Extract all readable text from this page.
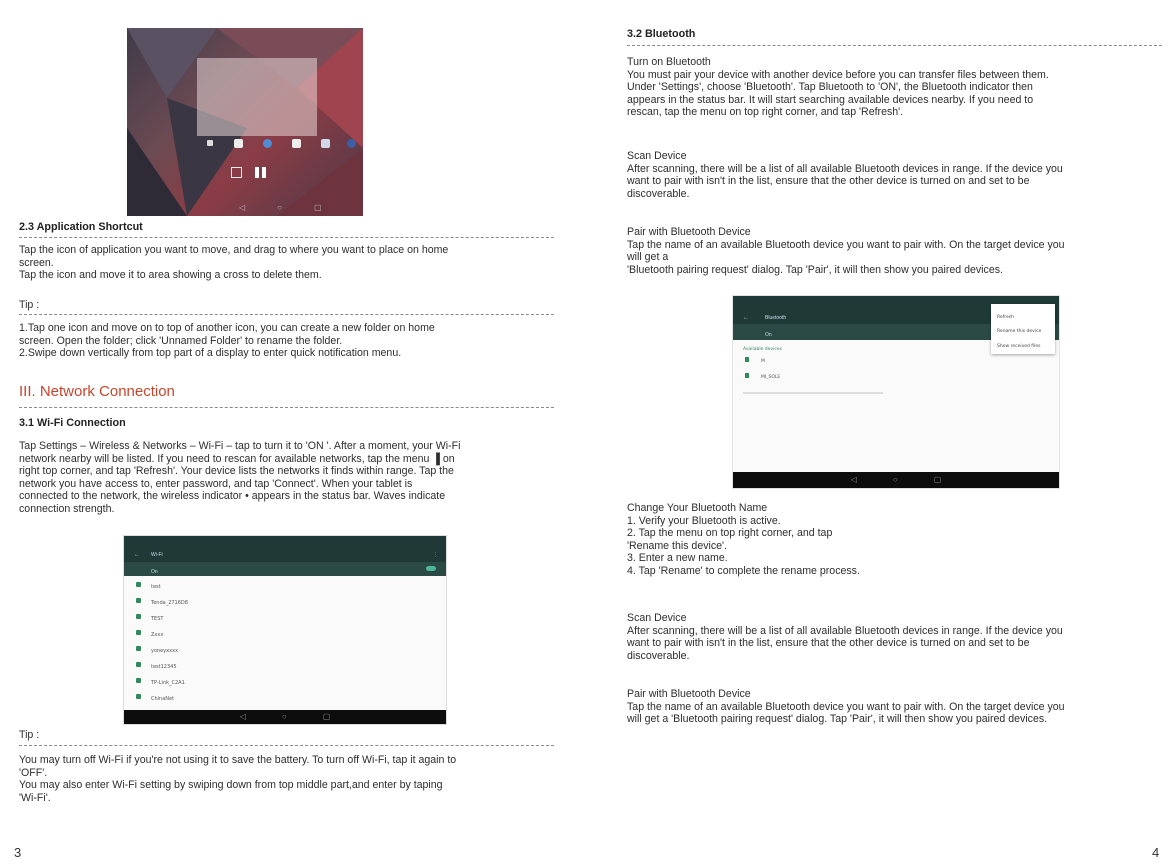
◁○▢
2.3 Application Shortcut
Tap the icon of application you want to move, and drag to where you want to place on home
screen.
Tap the icon and move it to area showing a cross to delete them.
Tip :
1.Tap one icon and move on to top of another icon, you can create a new folder on home
screen. Open the folder; click 'Unnamed Folder' to rename the folder.
2.Swipe down vertically from top part of a display to enter quick notification menu.
III. Network Connection
3.1 Wi-Fi Connection
Tap Settings – Wireless & Networks – Wi-Fi – tap to turn it to 'ON '. After a moment, your Wi-Fi
network nearby will be listed. If you need to rescan for available networks, tap the menu ▐ on
right top corner, and tap 'Refresh'. Your device lists the networks it finds within range. Tap the
network you have access to, enter password, and tap 'Connect'. When your tablet is
connected to the network, the wireless indicator • appears in the status bar. Waves indicate
connection strength.
← Wi-Fi	⋮
On
test
Tenda_2716D8
TEST
Zxxx
yoneyxxxx
test12345
TP-Link_C2A1
ChinaNet
◁	○	▢
Tip :
You may turn off Wi-Fi if you're not using it to save the battery. To turn off Wi-Fi, tap it again to
'OFF'.
You may also enter Wi-Fi setting by swiping down from top middle part,and enter by taping
'Wi-Fi'.
3
3.2 Bluetooth
Turn on Bluetooth
You must pair your device with another device before you can transfer files between them.
Under 'Settings', choose 'Bluetooth'. Tap Bluetooth to 'ON', the Bluetooth indicator then
appears in the status bar. It will start searching available devices nearby. If you need to
rescan, tap the menu on top right corner, and tap 'Refresh'.
Scan Device
After scanning, there will be a list of all available Bluetooth devices in range. If the device you
want to pair with isn't in the list, ensure that the other device is turned on and set to be
discoverable.
Pair with Bluetooth Device
Tap the name of an available Bluetooth device you want to pair with. On the target device you
will get a
'Bluetooth pairing request' dialog. Tap 'Pair', it will then show you paired devices.
←	Bluetooth
On
Refresh
Rename this device
Show received files
Available devices
M
MI_SOLE
◁	○	▢
Change Your Bluetooth Name
1. Verify your Bluetooth is active.
2. Tap the menu on top right corner, and tap
'Rename this device'.
3. Enter a new name.
4. Tap 'Rename' to complete the rename process.
Scan Device
After scanning, there will be a list of all available Bluetooth devices in range. If the device you
want to pair with isn't in the list, ensure that the other device is turned on and set to be
discoverable.
Pair with Bluetooth Device
Tap the name of an available Bluetooth device you want to pair with. On the target device you
will get a 'Bluetooth pairing request' dialog. Tap 'Pair', it will then show you paired devices.
4
